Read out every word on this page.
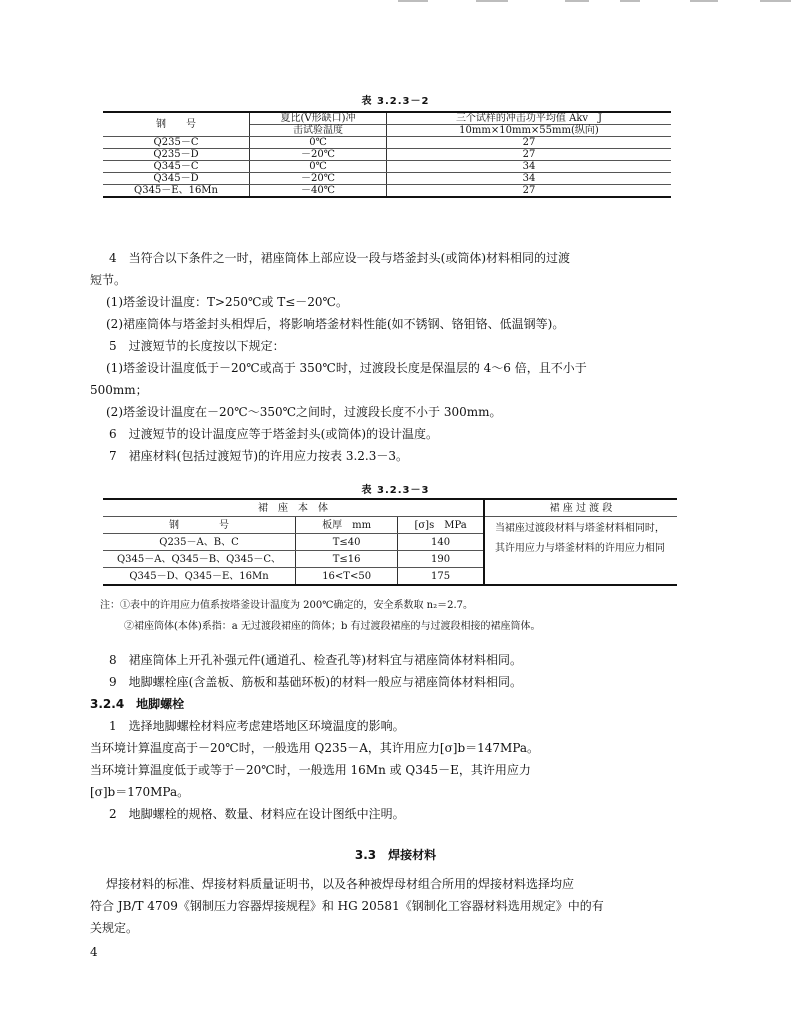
表 3.2.3－2
钢　　号	夏比(V形缺口)冲	三个试样的冲击功平均值 Akv　J
	击试验温度	10mm×10mm×55mm(纵向)
Q235－C	0℃	27
Q235－D	－20℃	27
Q345－C	0℃	34
Q345－D	－20℃	34
Q345－E、16Mn	－40℃	27
4　当符合以下条件之一时，裙座筒体上部应设一段与塔釜封头(或筒体)材料相同的过渡
短节。
(1)塔釜设计温度：T>250℃或 T≤－20℃。
(2)裙座筒体与塔釜封头相焊后，将影响塔釜材料性能(如不锈钢、铬钼铬、低温钢等)。
5　过渡短节的长度按以下规定：
(1)塔釜设计温度低于－20℃或高于 350℃时，过渡段长度是保温层的 4～6 倍，且不小于
500mm；
(2)塔釜设计温度在－20℃～350℃之间时，过渡段长度不小于 300mm。
6　过渡短节的设计温度应等于塔釜封头(或筒体)的设计温度。
7　裙座材料(包括过渡短节)的许用应力按表 3.2.3－3。
表 3.2.3－3
裙　座　本　体			裙 座 过 渡 段
钢　　　　号	板厚　mm	[σ]s　MPa	当裙座过渡段材料与塔釜材料相同时，其许用应力与塔釜材料的许用应力相同
Q235－A、B、C	T≤40	140	
Q345－A、Q345－B、Q345－C、	T≤16	190	
Q345－D、Q345－E、16Mn	16<T<50	175	
注：①表中的许用应力值系按塔釜设计温度为 200℃确定的，安全系数取 n₂＝2.7。
②裙座筒体(本体)系指：a 无过渡段裙座的筒体；b 有过渡段裙座的与过渡段相接的裙座筒体。
8　裙座筒体上开孔补强元件(通道孔、检查孔等)材料宜与裙座筒体材料相同。
9　地脚螺栓座(含盖板、筋板和基础环板)的材料一般应与裙座筒体材料相同。
3.2.4　地脚螺栓
1　选择地脚螺栓材料应考虑建塔地区环境温度的影响。
当环境计算温度高于－20℃时，一般选用 Q235－A，其许用应力[σ]b＝147MPa。
当环境计算温度低于或等于－20℃时，一般选用 16Mn 或 Q345－E，其许用应力
[σ]b＝170MPa。
2　地脚螺栓的规格、数量、材料应在设计图纸中注明。
3.3　焊接材料
焊接材料的标准、焊接材料质量证明书，以及各种被焊母材组合所用的焊接材料选择均应
符合 JB/T 4709《钢制压力容器焊接规程》和 HG 20581《钢制化工容器材料选用规定》中的有
关规定。
4
